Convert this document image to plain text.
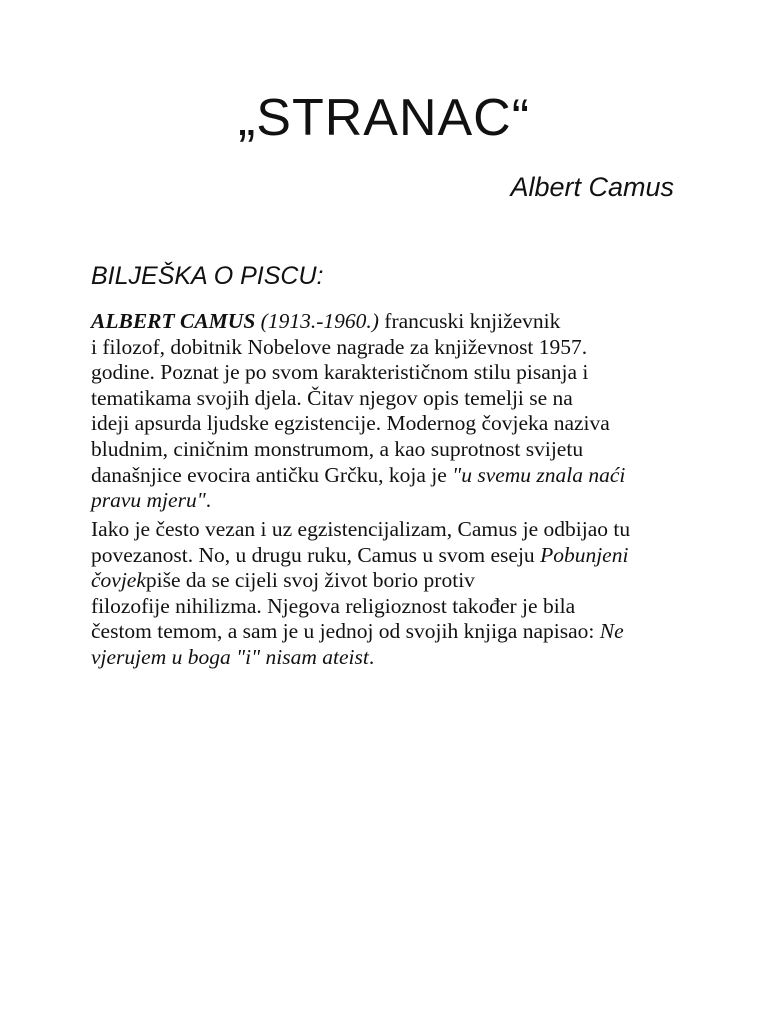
„STRANAC“
Albert Camus
BILJEŠKA O PISCU:
ALBERT CAMUS (1913.-1960.) francuski književnik
i filozof, dobitnik Nobelove nagrade za književnost 1957.
godine. Poznat je po svom karakterističnom stilu pisanja i
tematikama svojih djela. Čitav njegov opis temelji se na
ideji apsurda ljudske egzistencije. Modernog čovjeka naziva
bludnim, ciničnim monstrumom, a kao suprotnost svijetu
današnjice evocira antičku Grčku, koja je "u svemu znala naći
pravu mjeru".
Iako je često vezan i uz egzistencijalizam, Camus je odbijao tu
povezanost. No, u drugu ruku, Camus u svom eseju Pobunjeni
čovjekpiše da se cijeli svoj život borio protiv
filozofije nihilizma. Njegova religioznost također je bila
čestom temom, a sam je u jednoj od svojih knjiga napisao: Ne
vjerujem u boga "i" nisam ateist.
